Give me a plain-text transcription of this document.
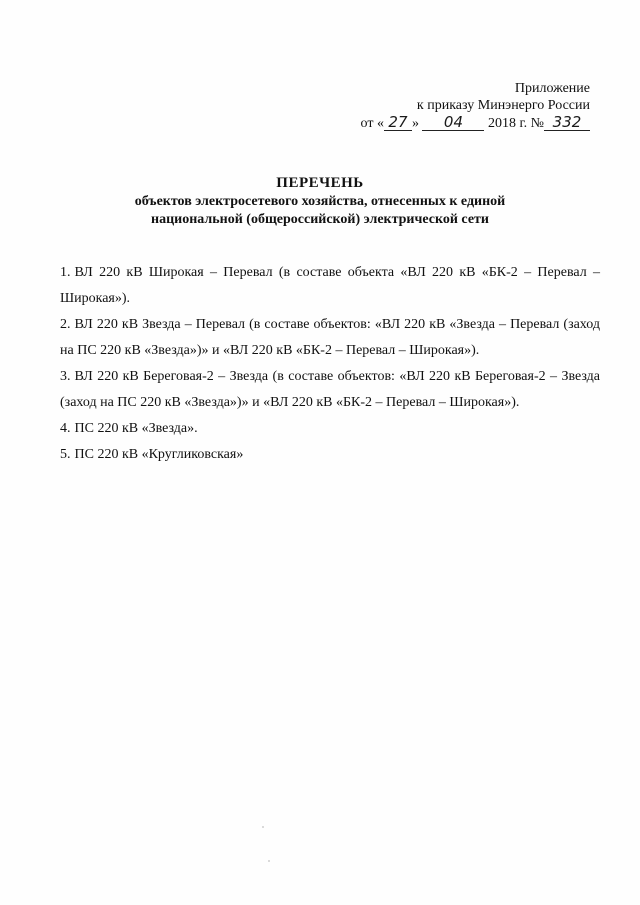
Приложение
к приказу Минэнерго России
от « 27 » 04 2018 г. № 332
ПЕРЕЧЕНЬ
объектов электросетевого хозяйства, отнесенных к единой
национальной (общероссийской) электрической сети
1. ВЛ 220 кВ Широкая – Перевал (в составе объекта «ВЛ 220 кВ «БК-2 – Перевал – Широкая»).
2. ВЛ 220 кВ Звезда – Перевал (в составе объектов: «ВЛ 220 кВ «Звезда – Перевал (заход на ПС 220 кВ «Звезда»)» и «ВЛ 220 кВ «БК-2 – Перевал – Широкая»).
3. ВЛ 220 кВ Береговая-2 – Звезда (в составе объектов: «ВЛ 220 кВ Береговая-2 – Звезда (заход на ПС 220 кВ «Звезда»)» и «ВЛ 220 кВ «БК-2 – Перевал – Широкая»).
4. ПС 220 кВ «Звезда».
5. ПС 220 кВ «Кругликовская»
